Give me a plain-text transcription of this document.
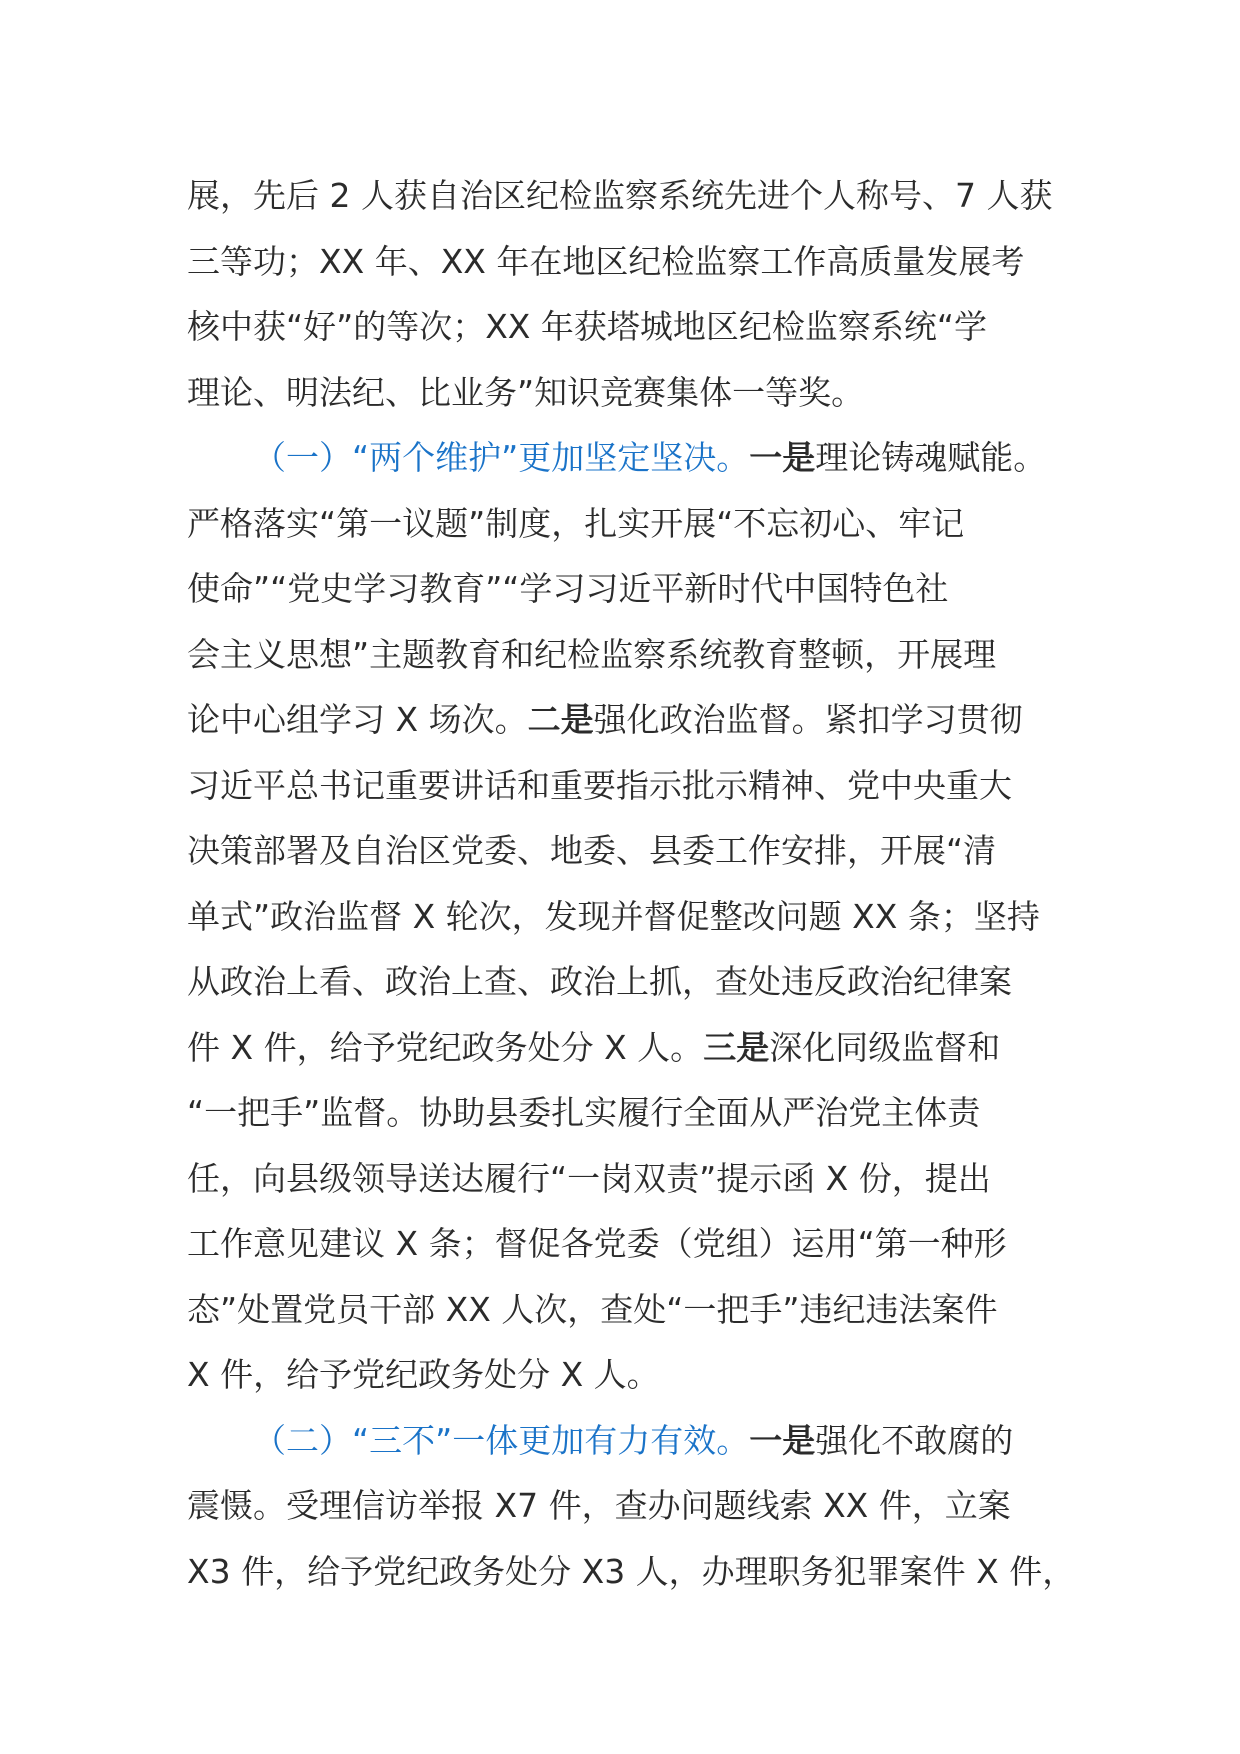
展，先后 2 人获自治区纪检监察系统先进个人称号、7 人获
三等功；XX 年、XX 年在地区纪检监察工作高质量发展考
核中获“好”的等次；XX 年获塔城地区纪检监察系统“学
理论、明法纪、比业务”知识竞赛集体一等奖。
（一）“两个维护”更加坚定坚决。一是理论铸魂赋能。
严格落实“第一议题”制度，扎实开展“不忘初心、牢记
使命”“党史学习教育”“学习习近平新时代中国特色社
会主义思想”主题教育和纪检监察系统教育整顿，开展理
论中心组学习 X 场次。二是强化政治监督。紧扣学习贯彻
习近平总书记重要讲话和重要指示批示精神、党中央重大
决策部署及自治区党委、地委、县委工作安排，开展“清
单式”政治监督 X 轮次，发现并督促整改问题 XX 条；坚持
从政治上看、政治上查、政治上抓，查处违反政治纪律案
件 X 件，给予党纪政务处分 X 人。三是深化同级监督和
“一把手”监督。协助县委扎实履行全面从严治党主体责
任，向县级领导送达履行“一岗双责”提示函 X 份，提出
工作意见建议 X 条；督促各党委（党组）运用“第一种形
态”处置党员干部 XX 人次，查处“一把手”违纪违法案件
X 件，给予党纪政务处分 X 人。
（二）“三不”一体更加有力有效。一是强化不敢腐的
震慑。受理信访举报 X7 件，查办问题线索 XX 件，立案
X3 件，给予党纪政务处分 X3 人，办理职务犯罪案件 X 件，
